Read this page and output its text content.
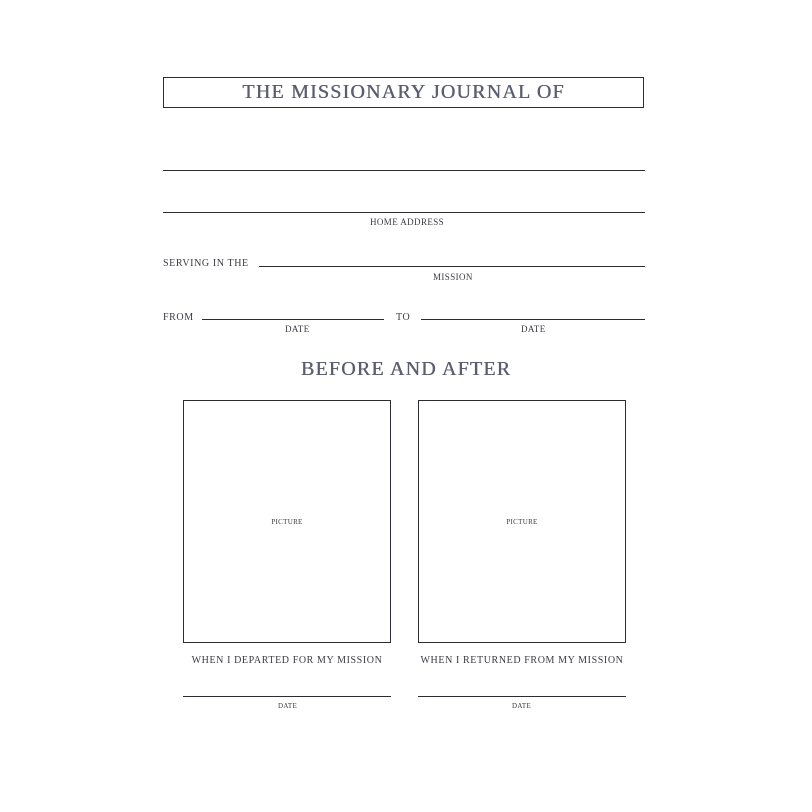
THE MISSIONARY JOURNAL OF
HOME ADDRESS
SERVING IN THE
MISSION
FROM
DATE
TO
DATE
BEFORE AND AFTER
PICTURE
WHEN I DEPARTED FOR MY MISSION
DATE
PICTURE
WHEN I RETURNED FROM MY MISSION
DATE
